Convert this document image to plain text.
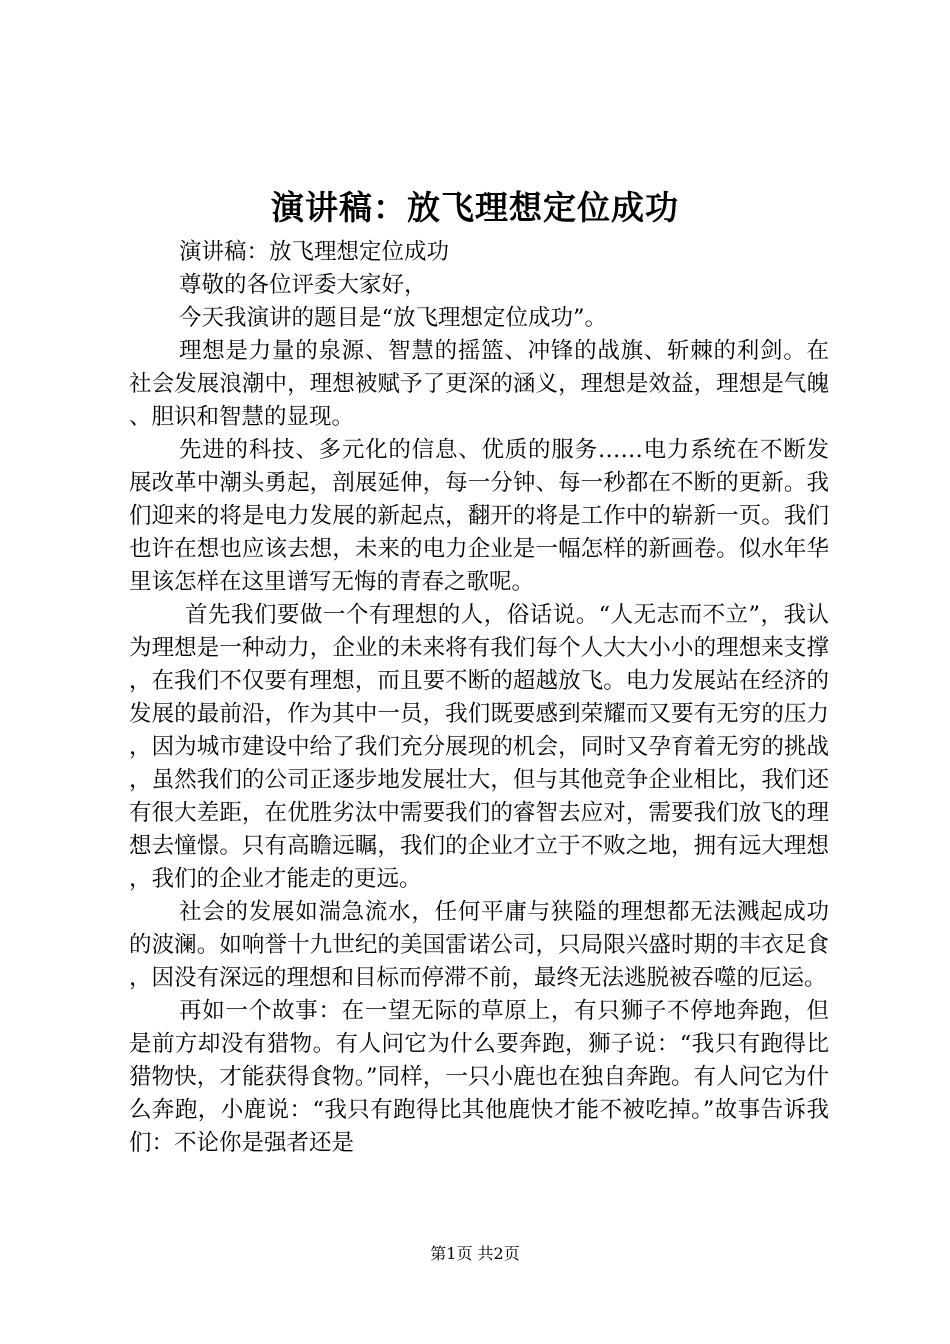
演讲稿：放飞理想定位成功

演讲稿：放飞理想定位成功

尊敬的各位评委大家好，

今天我演讲的题目是“放飞理想定位成功”。

理想是力量的泉源、智慧的摇篮、冲锋的战旗、斩棘的利剑。在社会发展浪潮中，理想被赋予了更深的涵义，理想是效益，理想是气魄、胆识和智慧的显现。

先进的科技、多元化的信息、优质的服务……电力系统在不断发展改革中潮头勇起，剖展延伸，每一分钟、每一秒都在不断的更新。我们迎来的将是电力发展的新起点，翻开的将是工作中的崭新一页。我们也许在想也应该去想，未来的电力企业是一幅怎样的新画卷。似水年华里该怎样在这里谱写无悔的青春之歌呢。

首先我们要做一个有理想的人，俗话说。“人无志而不立”，我认为理想是一种动力，企业的未来将有我们每个人大大小小的理想来支撑，在我们不仅要有理想，而且要不断的超越放飞。电力发展站在经济的发展的最前沿，作为其中一员，我们既要感到荣耀而又要有无穷的压力，因为城市建设中给了我们充分展现的机会，同时又孕育着无穷的挑战，虽然我们的公司正逐步地发展壮大，但与其他竞争企业相比，我们还有很大差距，在优胜劣汰中需要我们的睿智去应对，需要我们放飞的理想去憧憬。只有高瞻远瞩，我们的企业才立于不败之地，拥有远大理想，我们的企业才能走的更远。

社会的发展如湍急流水，任何平庸与狭隘的理想都无法溅起成功的波澜。如响誉十九世纪的美国雷诺公司，只局限兴盛时期的丰衣足食，因没有深远的理想和目标而停滞不前，最终无法逃脱被吞噬的厄运。

再如一个故事：在一望无际的草原上，有只狮子不停地奔跑，但是前方却没有猎物。有人问它为什么要奔跑，狮子说：“我只有跑得比猎物快，才能获得食物。”同样，一只小鹿也在独自奔跑。有人问它为什么奔跑，小鹿说：“我只有跑得比其他鹿快才能不被吃掉。”故事告诉我们：不论你是强者还是

第1页 共2页
